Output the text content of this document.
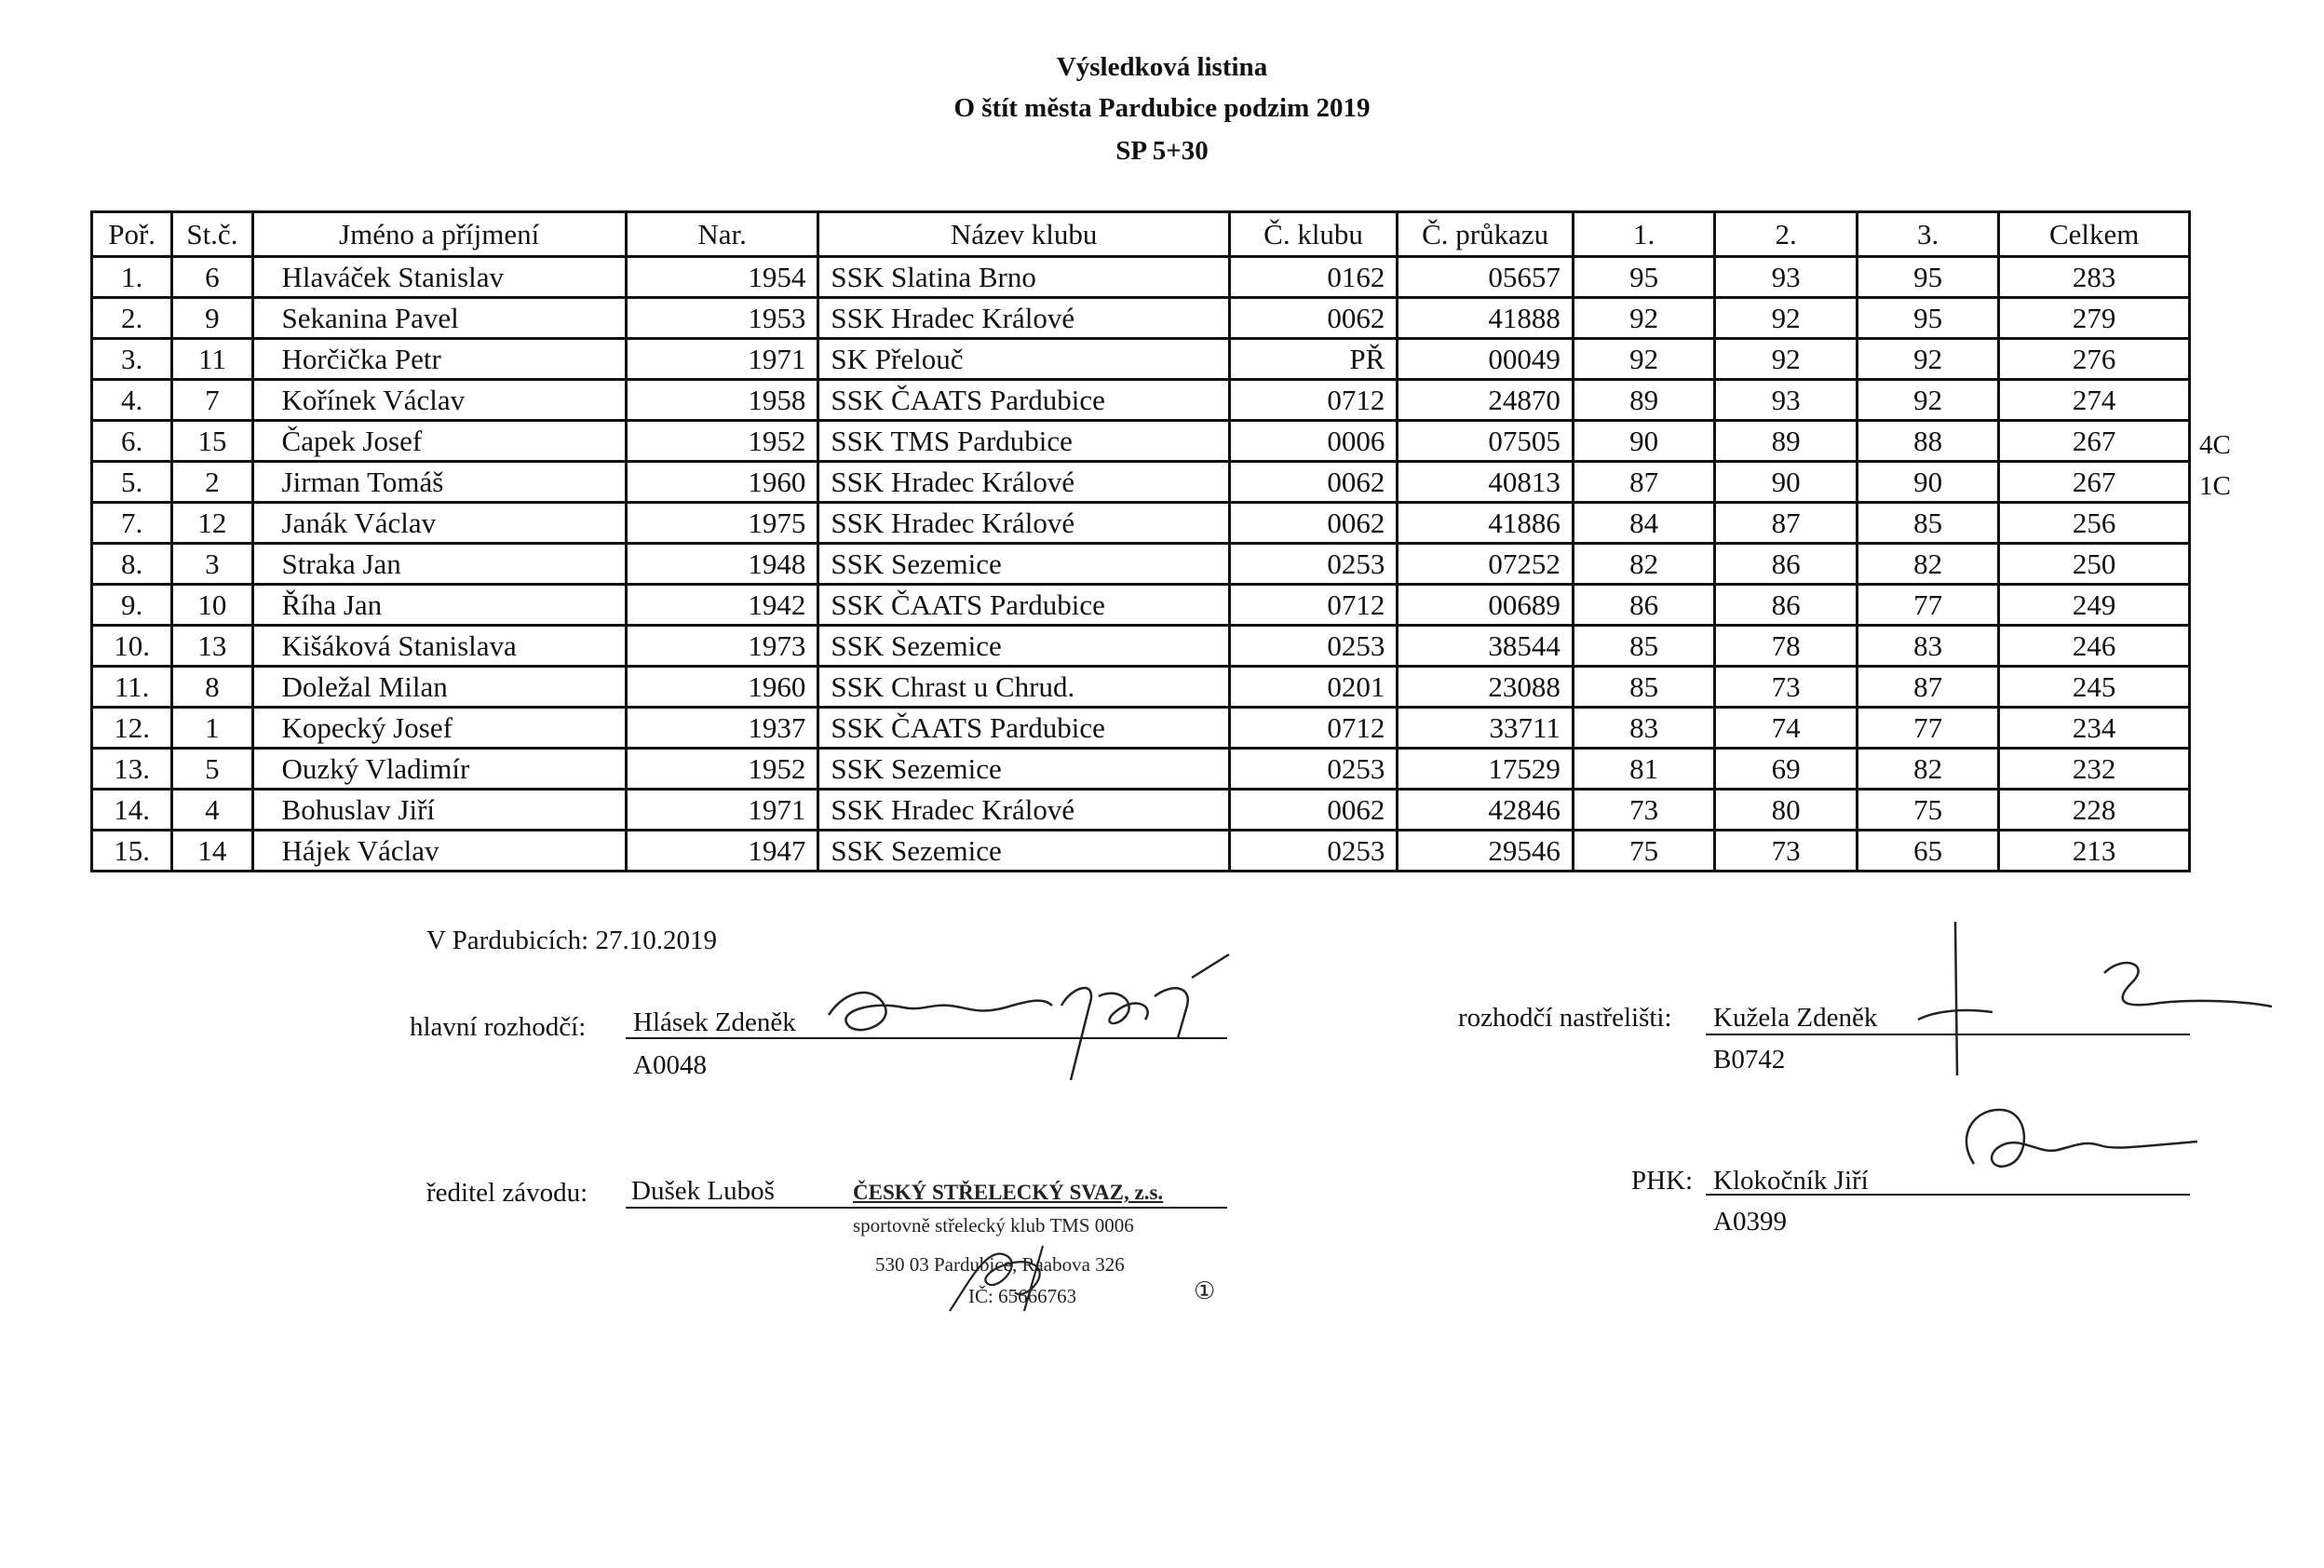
Výsledková listina
O štít města Pardubice podzim 2019
SP 5+30
Poř.	St.č.	Jméno a příjmení	Nar.	Název klubu	Č. klubu	Č. průkazu	1.	2.	3.	Celkem
1.	6	Hlaváček Stanislav	1954	SSK Slatina Brno	0162	05657	95	93	95	283
2.	9	Sekanina Pavel	1953	SSK Hradec Králové	0062	41888	92	92	95	279
3.	11	Horčička Petr	1971	SK Přelouč	PŘ	00049	92	92	92	276
4.	7	Kořínek Václav	1958	SSK ČAATS Pardubice	0712	24870	89	93	92	274
6.	15	Čapek Josef	1952	SSK TMS Pardubice	0006	07505	90	89	88	267
5.	2	Jirman Tomáš	1960	SSK Hradec Králové	0062	40813	87	90	90	267
7.	12	Janák Václav	1975	SSK Hradec Králové	0062	41886	84	87	85	256
8.	3	Straka Jan	1948	SSK Sezemice	0253	07252	82	86	82	250
9.	10	Říha Jan	1942	SSK ČAATS Pardubice	0712	00689	86	86	77	249
10.	13	Kišáková Stanislava	1973	SSK Sezemice	0253	38544	85	78	83	246
11.	8	Doležal Milan	1960	SSK Chrast u Chrud.	0201	23088	85	73	87	245
12.	1	Kopecký Josef	1937	SSK ČAATS Pardubice	0712	33711	83	74	77	234
13.	5	Ouzký Vladimír	1952	SSK Sezemice	0253	17529	81	69	82	232
14.	4	Bohuslav Jiří	1971	SSK Hradec Králové	0062	42846	73	80	75	228
15.	14	Hájek Václav	1947	SSK Sezemice	0253	29546	75	73	65	213
4C
1C
V Pardubicích: 27.10.2019
hlavní rozhodčí: Hlásek Zdeněk
A0048
rozhodčí nastřelišti: Kužela Zdeněk
B0742
ředitel závodu: Dušek Luboš	PHK: Klokočník Jiří
A0399
ČESKÝ STŘELECKÝ SVAZ, z.s.
sportovně střelecký klub TMS 0006
530 03 Pardubice, Raabova 326
IČ: 65666763	①
